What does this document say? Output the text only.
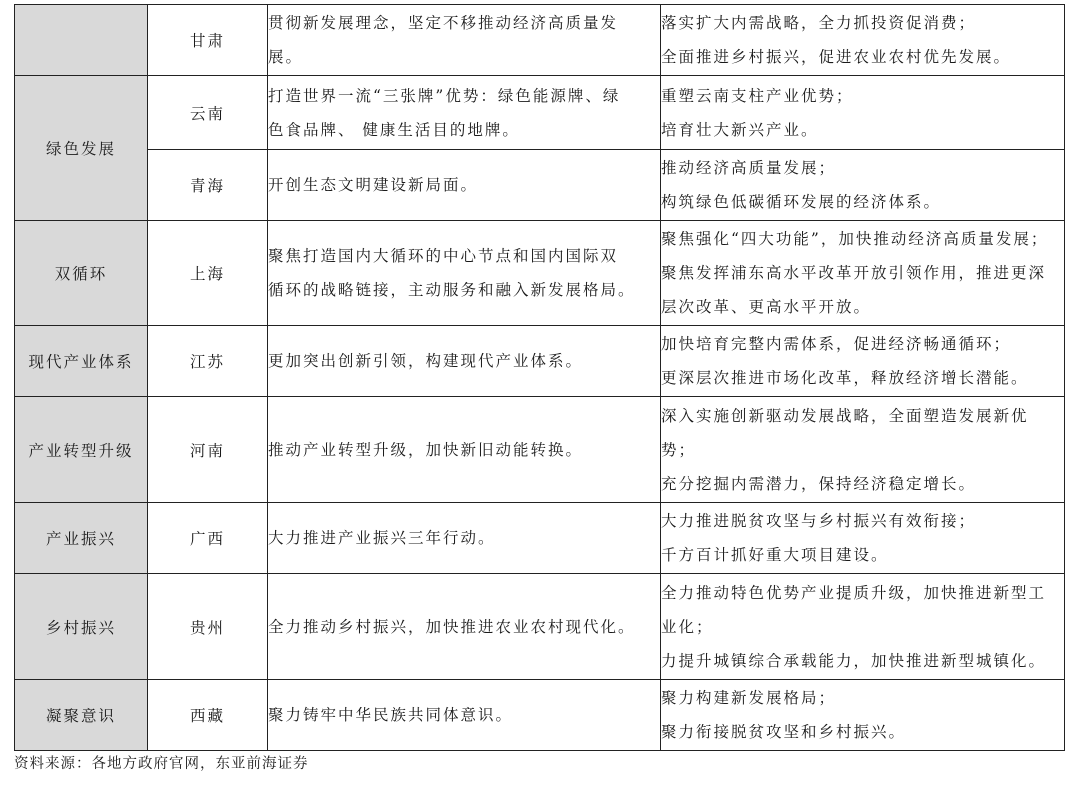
	甘肃	贯彻新发展理念，坚定不移推动经济高质量发
展。	落实扩大内需战略，全力抓投资促消费；
全面推进乡村振兴，促进农业农村优先发展。

绿色发展	云南	打造世界一流“三张牌”优势：绿色能源牌、绿
色食品牌、 健康生活目的地牌。	重塑云南支柱产业优势；
培育壮大新兴产业。

	青海	开创生态文明建设新局面。	推动经济高质量发展；
构筑绿色低碳循环发展的经济体系。

双循环	上海	聚焦打造国内大循环的中心节点和国内国际双
循环的战略链接，主动服务和融入新发展格局。	聚焦强化“四大功能”，加快推动经济高质量发展；
聚焦发挥浦东高水平改革开放引领作用，推进更深
层次改革、更高水平开放。

现代产业体系	江苏	更加突出创新引领，构建现代产业体系。	加快培育完整内需体系，促进经济畅通循环；
更深层次推进市场化改革，释放经济增长潜能。

产业转型升级	河南	推动产业转型升级，加快新旧动能转换。	深入实施创新驱动发展战略，全面塑造发展新优
势；
充分挖掘内需潜力，保持经济稳定增长。

产业振兴	广西	大力推进产业振兴三年行动。	大力推进脱贫攻坚与乡村振兴有效衔接；
千方百计抓好重大项目建设。

乡村振兴	贵州	全力推动乡村振兴，加快推进农业农村现代化。	全力推动特色优势产业提质升级，加快推进新型工
业化；
力提升城镇综合承载能力，加快推进新型城镇化。

凝聚意识	西藏	聚力铸牢中华民族共同体意识。	聚力构建新发展格局；
聚力衔接脱贫攻坚和乡村振兴。
资料来源：各地方政府官网，东亚前海证券
